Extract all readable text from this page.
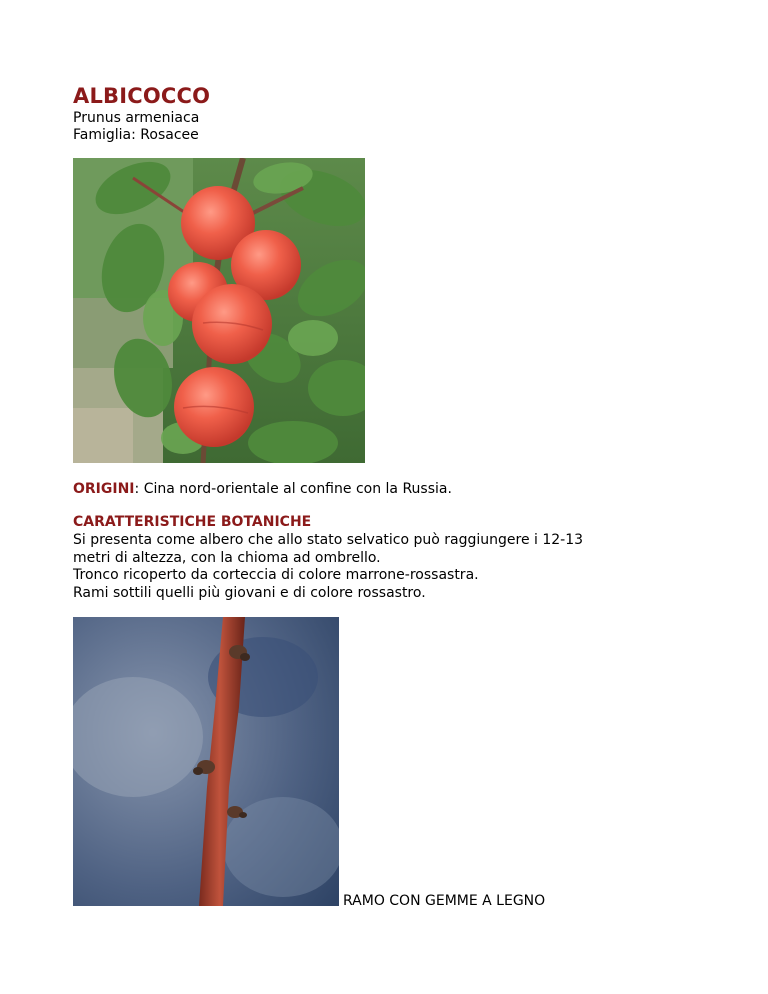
ALBICOCCO
Prunus armeniaca
Famiglia: Rosacee
ORIGINI: Cina nord-orientale al confine con la Russia.
CARATTERISTICHE BOTANICHE
Si presenta come albero che allo stato selvatico può raggiungere i 12-13
metri di altezza, con la chioma ad ombrello.
Tronco ricoperto da corteccia di colore marrone-rossastra.
Rami sottili quelli più giovani e di colore rossastro.
RAMO CON GEMME A LEGNO
